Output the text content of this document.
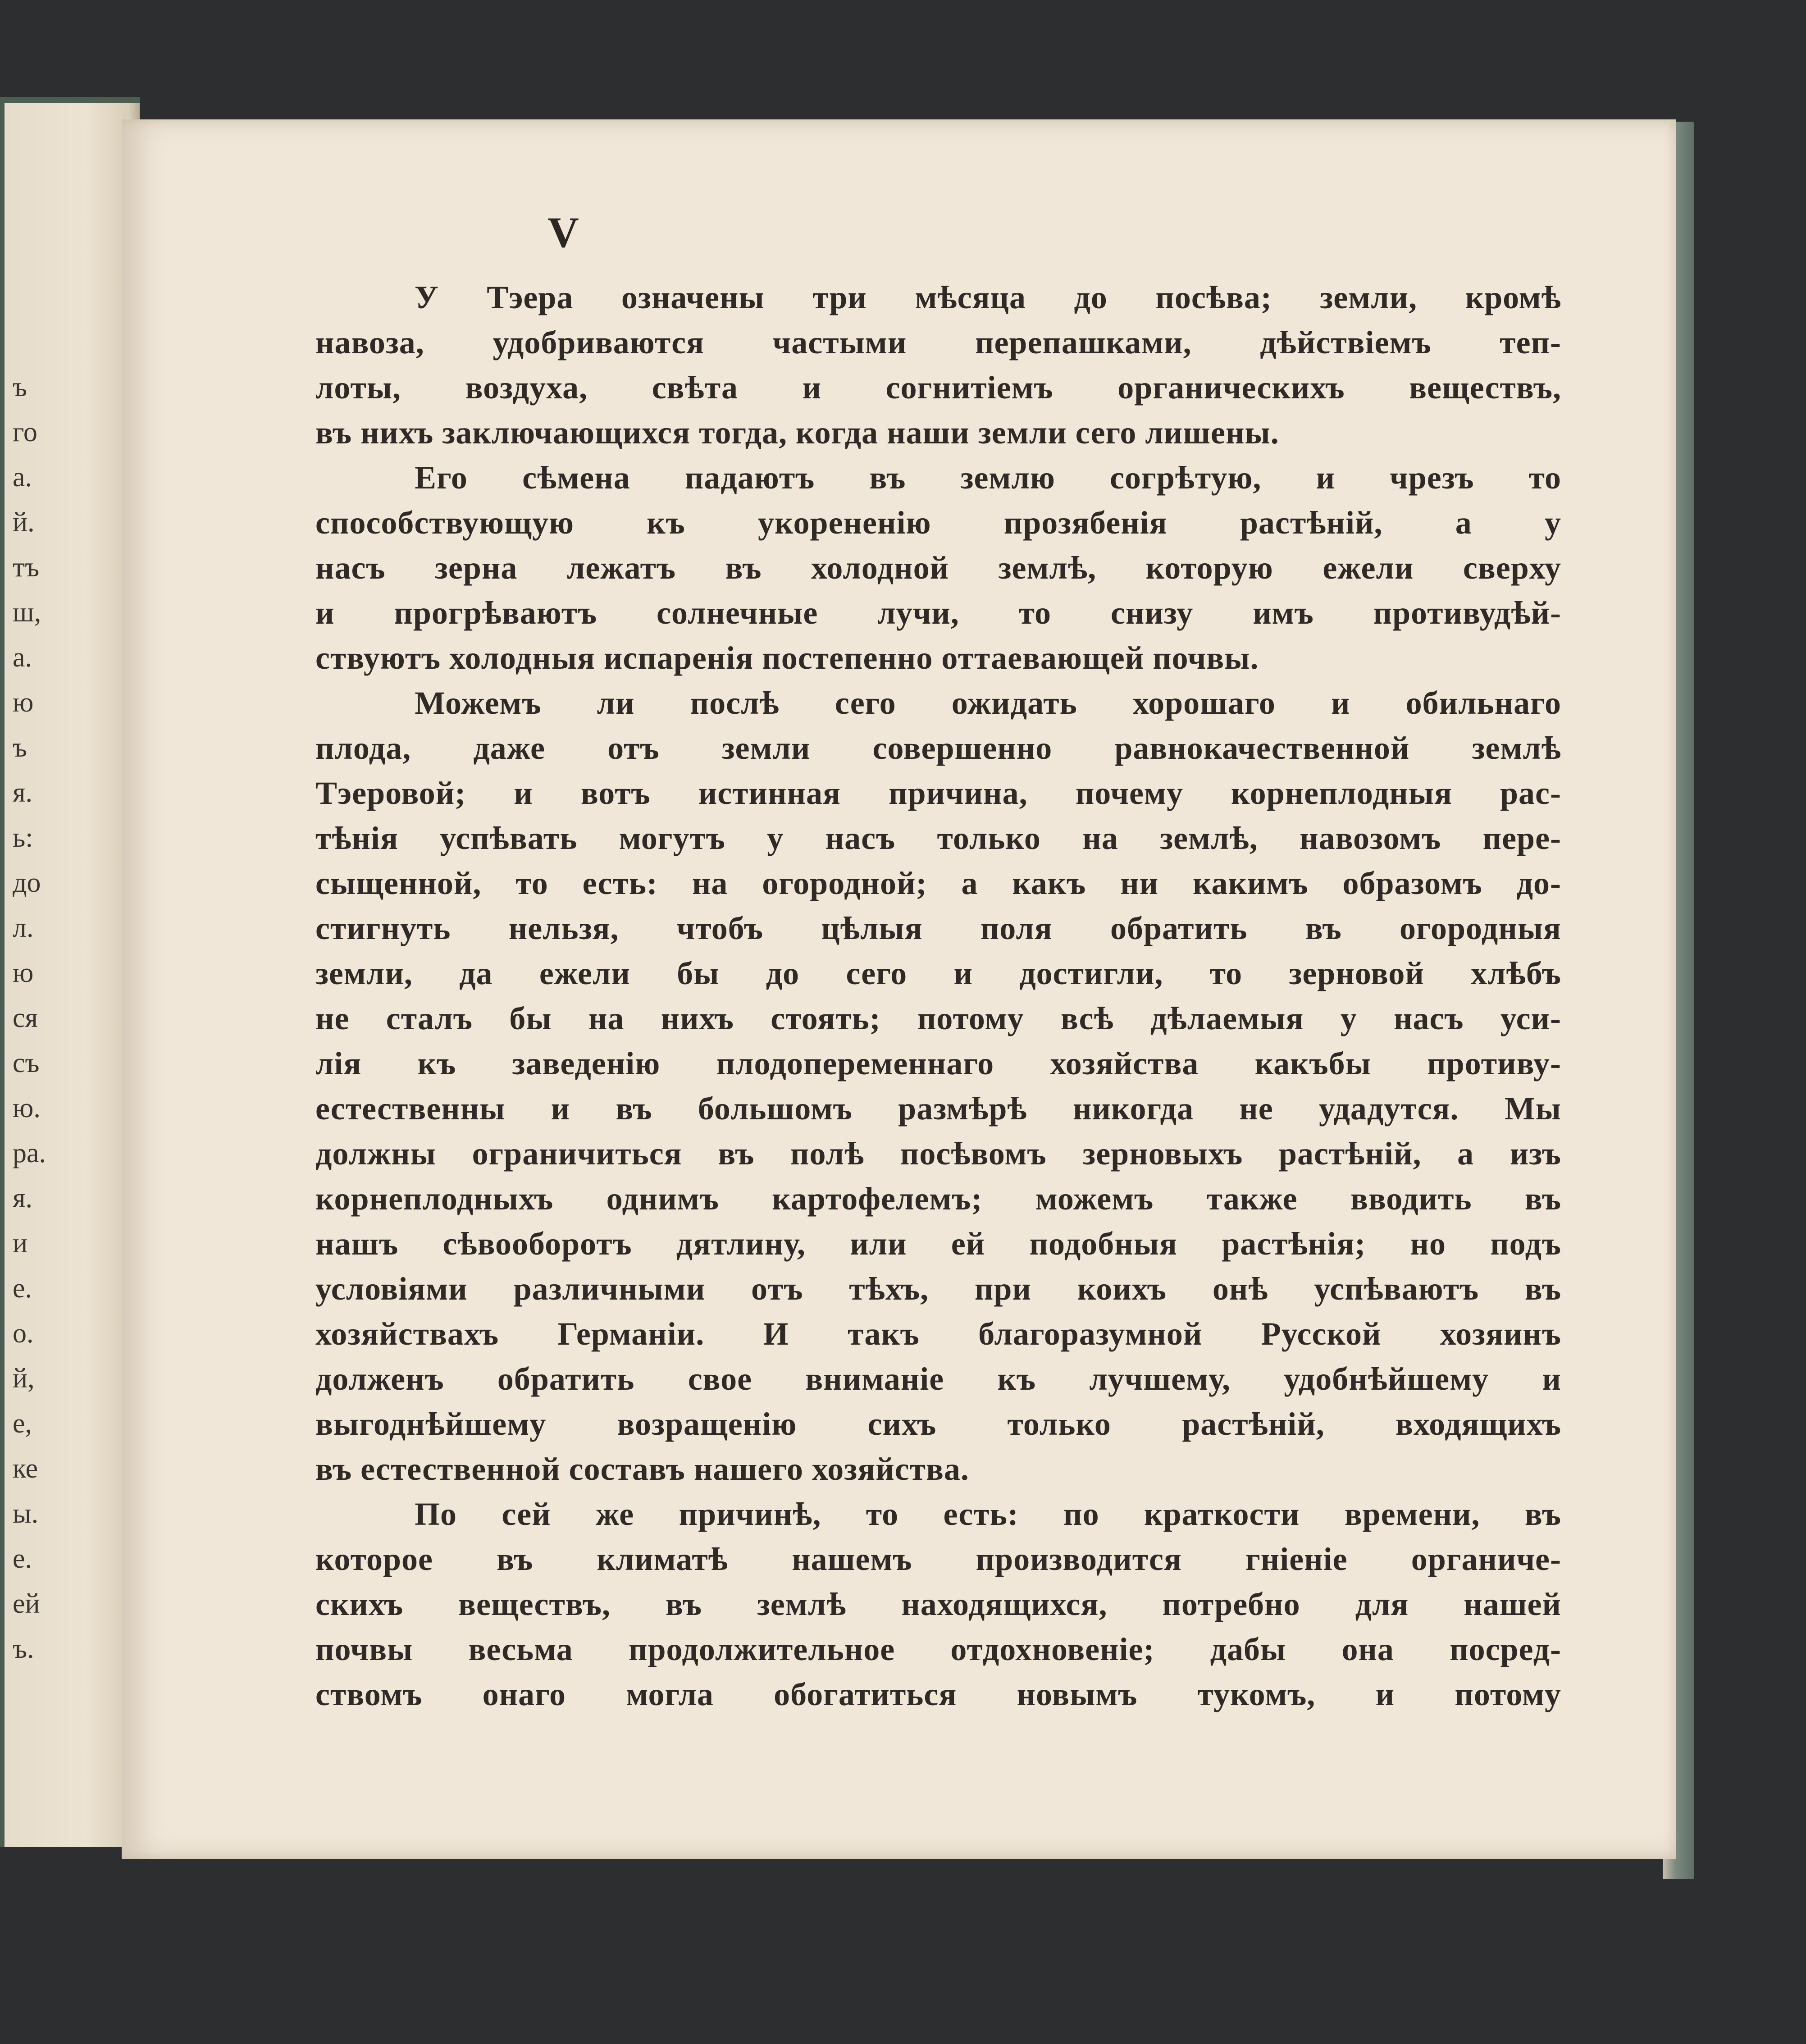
ъ
го
а.
й.
тъ
ш,
а.
ю
ъ
я.
ь:
до
л.
ю
ся
съ
ю.
ра.
я.
и
е.
о.
й,
е,
ке
ы.
е.
ей
ъ.
V
У Тэера означены три мѣсяца до посѣва; земли, кромѣ
навоза, удобриваются частыми перепашками, дѣйствіемъ теп-
лоты, воздуха, свѣта и согнитіемъ органическихъ веществъ,
въ нихъ заключающихся тогда, когда наши земли сего лишены.
Его сѣмена падаютъ въ землю согрѣтую, и чрезъ то
способствующую къ укорененію прозябенія растѣній, а у
насъ зерна лежатъ въ холодной землѣ, которую ежели сверху
и прогрѣваютъ солнечные лучи, то снизу имъ противудѣй-
ствуютъ холодныя испаренія постепенно оттаевающей почвы.
Можемъ ли послѣ сего ожидать хорошаго и обильнаго
плода, даже отъ земли совершенно равнокачественной землѣ
Тэеровой; и вотъ истинная причина, почему корнеплодныя рас-
тѣнія успѣвать могутъ у насъ только на землѣ, навозомъ пере-
сыщенной, то есть: на огородной; а какъ ни какимъ образомъ до-
стигнуть нельзя, чтобъ цѣлыя поля обратить въ огородныя
земли, да ежели бы до сего и достигли, то зерновой хлѣбъ
не сталъ бы на нихъ стоять; потому всѣ дѣлаемыя у насъ уси-
лія къ заведенію плодопеременнаго хозяйства какъбы противу-
естественны и въ большомъ размѣрѣ никогда не удадутся. Мы
должны ограничиться въ полѣ посѣвомъ зерновыхъ растѣній, а изъ
корнеплодныхъ однимъ картофелемъ; можемъ также вводить въ
нашъ сѣвооборотъ дятлину, или ей подобныя растѣнія; но подъ
условіями различными отъ тѣхъ, при коихъ онѣ успѣваютъ въ
хозяйствахъ Германіи. И такъ благоразумной Русской хозяинъ
долженъ обратить свое вниманіе къ лучшему, удобнѣйшему и
выгоднѣйшему возращенію сихъ только растѣній, входящихъ
въ естественной составъ нашего хозяйства.
По сей же причинѣ, то есть: по краткости времени, въ
которое въ климатѣ нашемъ производится гніеніе органиче-
скихъ веществъ, въ землѣ находящихся, потребно для нашей
почвы весьма продолжительное отдохновеніе; дабы она посред-
ствомъ онаго могла обогатиться новымъ тукомъ, и потому
